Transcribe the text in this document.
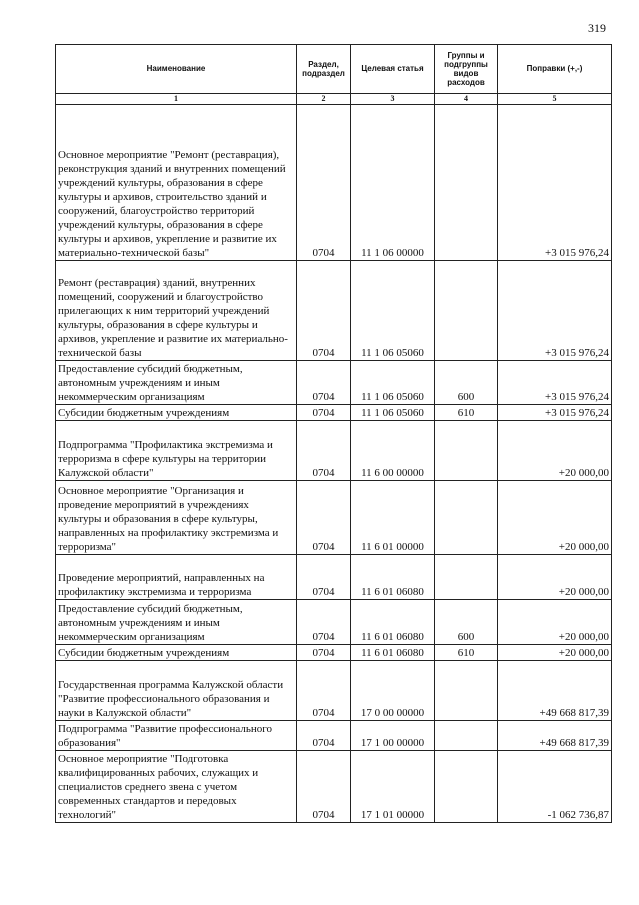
319
Наименование	Раздел, подраздел	Целевая статья	Группы и подгруппы видов расходов	Поправки (+,-)
1	2	3	4	5
Основное мероприятие "Ремонт (реставрация), реконструкция зданий и внутренних помещений учреждений культуры, образования в сфере культуры и архивов, строительство зданий и сооружений, благоустройство территорий учреждений культуры, образования в сфере культуры и архивов, укрепление и развитие их материально-технической базы"	0704	11 1 06 00000		+3 015 976,24
Ремонт (реставрация) зданий, внутренних помещений, сооружений и благоустройство прилегающих к ним территорий учреждений культуры, образования в сфере культуры и архивов, укрепление и развитие их материально-технической базы	0704	11 1 06 05060		+3 015 976,24
Предоставление субсидий бюджетным, автономным учреждениям и иным некоммерческим организациям	0704	11 1 06 05060	600	+3 015 976,24
Субсидии бюджетным учреждениям	0704	11 1 06 05060	610	+3 015 976,24
Подпрограмма "Профилактика экстремизма и терроризма в сфере культуры на территории Калужской области"	0704	11 6 00 00000		+20 000,00
Основное мероприятие "Организация и проведение мероприятий в учреждениях культуры и образования в сфере культуры, направленных на профилактику экстремизма и терроризма"	0704	11 6 01 00000		+20 000,00
Проведение мероприятий, направленных на профилактику экстремизма и терроризма	0704	11 6 01 06080		+20 000,00
Предоставление субсидий бюджетным, автономным учреждениям и иным некоммерческим организациям	0704	11 6 01 06080	600	+20 000,00
Субсидии бюджетным учреждениям	0704	11 6 01 06080	610	+20 000,00
Государственная программа Калужской области "Развитие профессионального образования и науки в Калужской области"	0704	17 0 00 00000		+49 668 817,39
Подпрограмма "Развитие профессионального образования"	0704	17 1 00 00000		+49 668 817,39
Основное мероприятие "Подготовка квалифицированных рабочих, служащих и специалистов среднего звена с учетом современных стандартов и передовых технологий"	0704	17 1 01 00000		-1 062 736,87
